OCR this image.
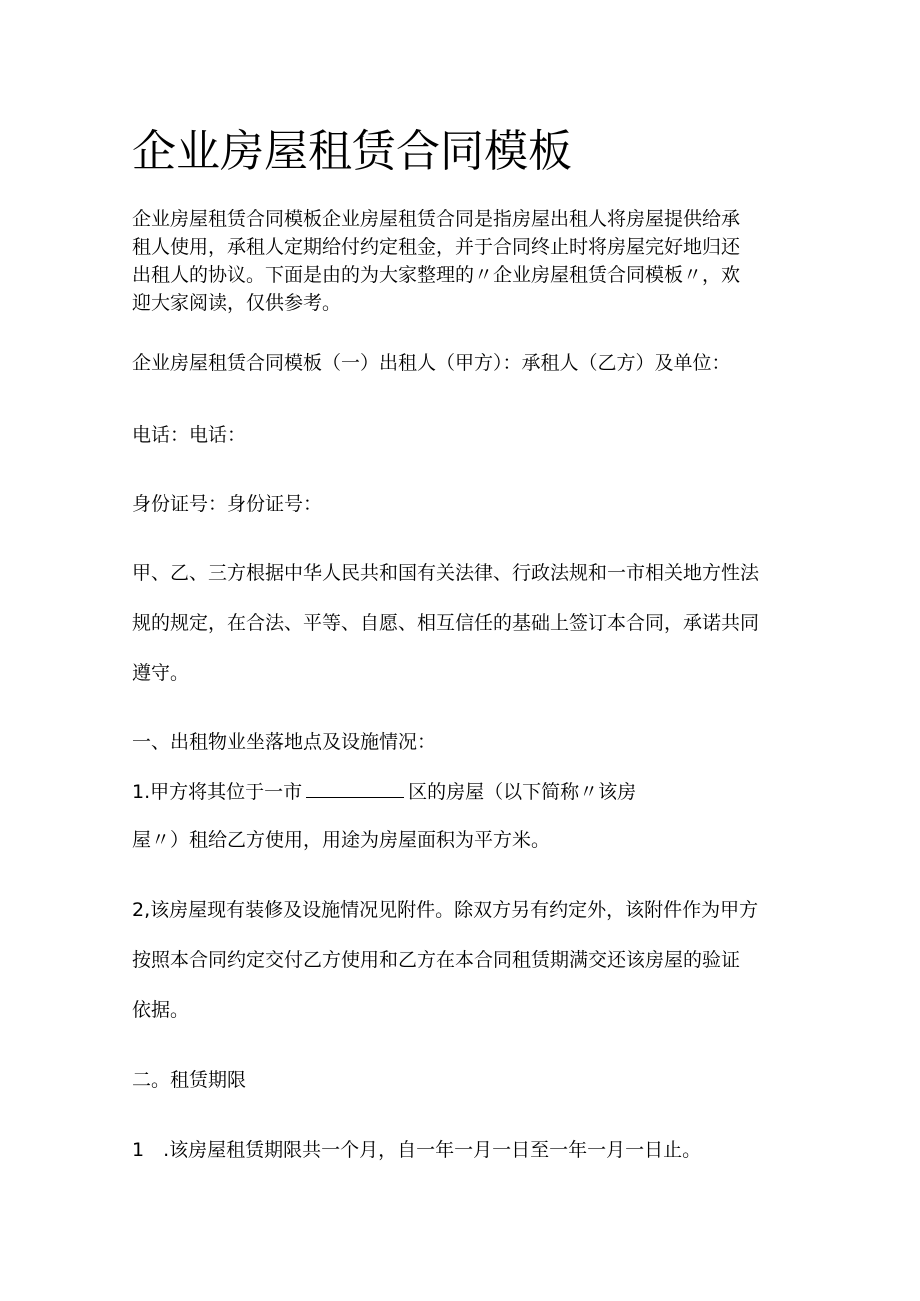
企业房屋租赁合同模板

企业房屋租赁合同模板企业房屋租赁合同是指房屋出租人将房屋提供给承
租人使用，承租人定期给付约定租金，并于合同终止时将房屋完好地归还
出租人的协议。下面是由的为大家整理的〃企业房屋租赁合同模板〃，欢
迎大家阅读，仅供参考。

企业房屋租赁合同模板（一）出租人（甲方）：承租人（乙方）及单位：

电话：电话：

身份证号：身份证号：

甲、乙、三方根据中华人民共和国有关法律、行政法规和一市相关地方性法
规的规定，在合法、平等、自愿、相互信任的基础上签订本合同，承诺共同
遵守。

一、出租物业坐落地点及设施情况：

1.甲方将其位于一市	区的房屋（以下简称〃该房

屋〃）租给乙方使用，用途为房屋面积为平方米。

2,该房屋现有装修及设施情况见附件。除双方另有约定外，该附件作为甲方
按照本合同约定交付乙方使用和乙方在本合同租赁期满交还该房屋的验证
依据。

二。租赁期限

1　.该房屋租赁期限共一个月，自一年一月一日至一年一月一日止。
